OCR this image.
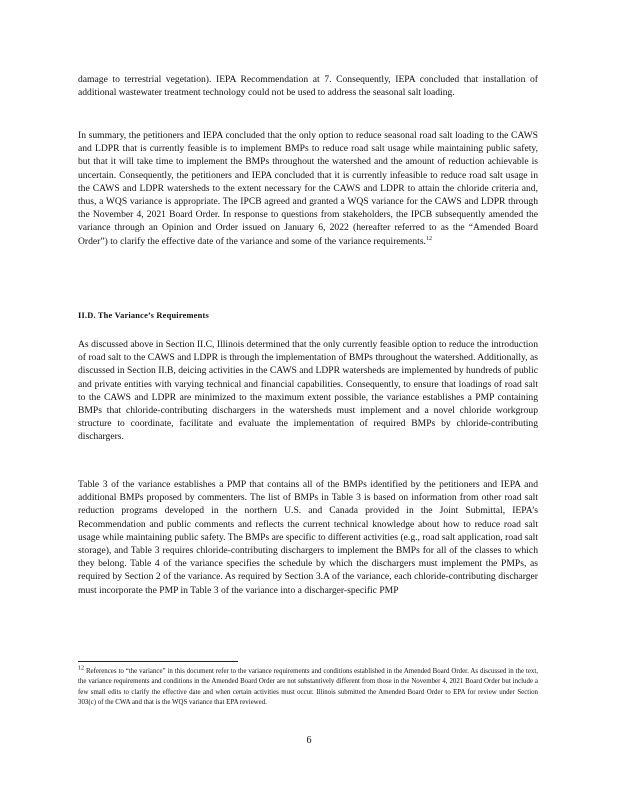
damage to terrestrial vegetation). IEPA Recommendation at 7. Consequently, IEPA concluded that installation of additional wastewater treatment technology could not be used to address the seasonal salt loading.

In summary, the petitioners and IEPA concluded that the only option to reduce seasonal road salt loading to the CAWS and LDPR that is currently feasible is to implement BMPs to reduce road salt usage while maintaining public safety, but that it will take time to implement the BMPs throughout the watershed and the amount of reduction achievable is uncertain. Consequently, the petitioners and IEPA concluded that it is currently infeasible to reduce road salt usage in the CAWS and LDPR watersheds to the extent necessary for the CAWS and LDPR to attain the chloride criteria and, thus, a WQS variance is appropriate. The IPCB agreed and granted a WQS variance for the CAWS and LDPR through the November 4, 2021 Board Order. In response to questions from stakeholders, the IPCB subsequently amended the variance through an Opinion and Order issued on January 6, 2022 (hereafter referred to as the “Amended Board Order”) to clarify the effective date of the variance and some of the variance requirements.$^{12}$

II.D. The Variance’s Requirements

As discussed above in Section II.C, Illinois determined that the only currently feasible option to reduce the introduction of road salt to the CAWS and LDPR is through the implementation of BMPs throughout the watershed. Additionally, as discussed in Section II.B, deicing activities in the CAWS and LDPR watersheds are implemented by hundreds of public and private entities with varying technical and financial capabilities. Consequently, to ensure that loadings of road salt to the CAWS and LDPR are minimized to the maximum extent possible, the variance establishes a PMP containing BMPs that chloride-contributing dischargers in the watersheds must implement and a novel chloride workgroup structure to coordinate, facilitate and evaluate the implementation of required BMPs by chloride-contributing dischargers.

Table 3 of the variance establishes a PMP that contains all of the BMPs identified by the petitioners and IEPA and additional BMPs proposed by commenters. The list of BMPs in Table 3 is based on information from other road salt reduction programs developed in the northern U.S. and Canada provided in the Joint Submittal, IEPA’s Recommendation and public comments and reflects the current technical knowledge about how to reduce road salt usage while maintaining public safety. The BMPs are specific to different activities (e.g., road salt application, road salt storage), and Table 3 requires chloride-contributing dischargers to implement the BMPs for all of the classes to which they belong. Table 4 of the variance specifies the schedule by which the dischargers must implement the PMPs, as required by Section 2 of the variance. As required by Section 3.A of the variance, each chloride-contributing discharger must incorporate the PMP in Table 3 of the variance into a discharger-specific PMP

$^{12}$ References to “the variance” in this document refer to the variance requirements and conditions established in the Amended Board Order. As discussed in the text, the variance requirements and conditions in the Amended Board Order are not substantively different from those in the November 4, 2021 Board Order but include a few small edits to clarify the effective date and when certain activities must occur. Illinois submitted the Amended Board Order to EPA for review under Section 303(c) of the CWA and that is the WQS variance that EPA reviewed.

6
